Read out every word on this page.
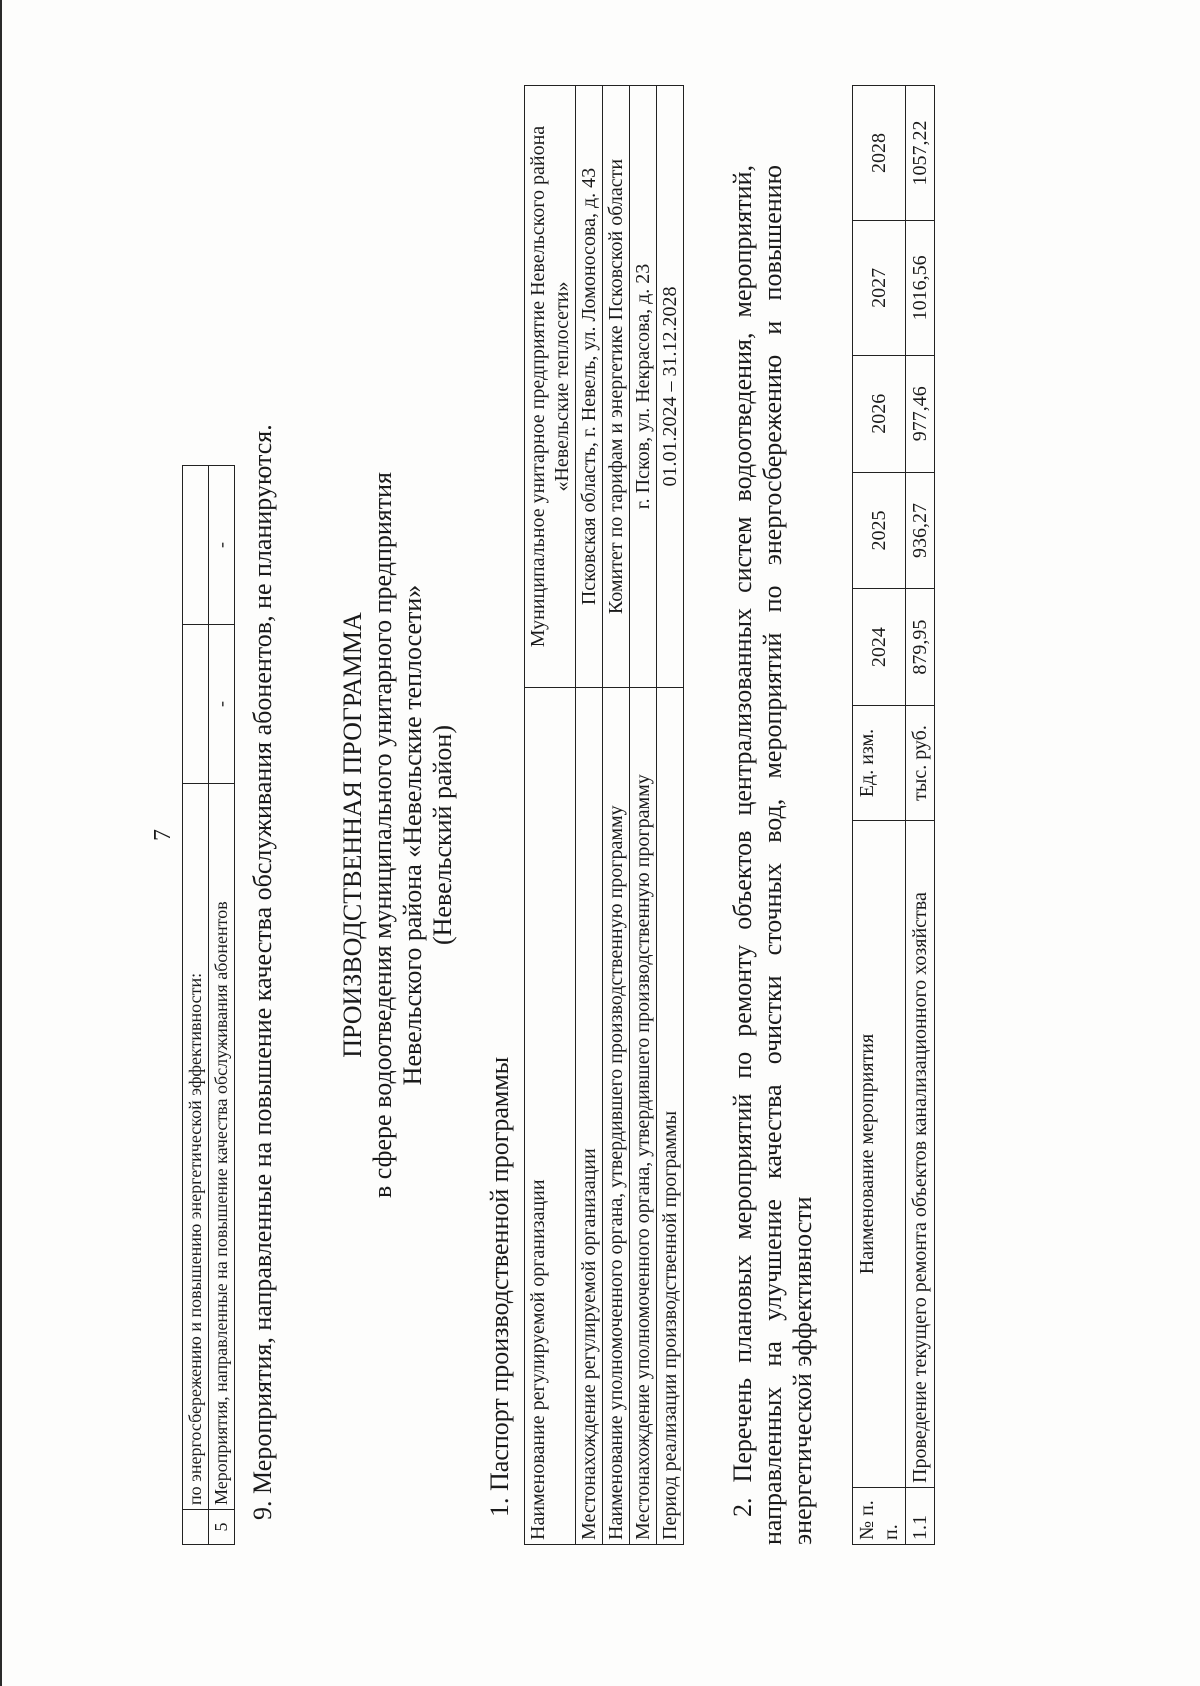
7
	по энергосбережению и повышению энергетической эффективности:		
5	Мероприятия, направленные на повышение качества обслуживания абонентов	-	- 9. Мероприятия, направленные на повышение качества обслуживания абонентов, не планируются. ПРОИЗВОДСТВЕННАЯ ПРОГРАММА в сфере водоотведения муниципального унитарного предприятия Невельского района «Невельские теплосети» (Невельский район)
1. Паспорт производственной программы Наименование регулируемой организации	Муниципальное унитарное предприятие Невельского района «Невельские теплосети»
Местонахождение регулируемой организации	Псковская область, г. Невель, ул. Ломоносова, д. 43
Наименование уполномоченного органа, утвердившего производственную программу	Комитет по тарифам и энергетике Псковской области
Местонахождение уполномоченного органа, утвердившего производственную программу	г. Псков, ул. Некрасова, д. 23
Период реализации производственной программы	01.01.2024 – 31.12.2028 2. Перечень плановых мероприятий по ремонту объектов централизованных систем водоотведения, мероприятий, направленных на улучшение качества очистки сточных вод, мероприятий по энергосбережению и повышению энергетической эффективности № п. п.	Наименование мероприятия	Ед. изм.	2024	2025	2026	2027	2028
1.1	Проведение текущего ремонта объектов канализационного хозяйства	тыс. руб.	879,95	936,27	977,46	1016,56	1057,22
